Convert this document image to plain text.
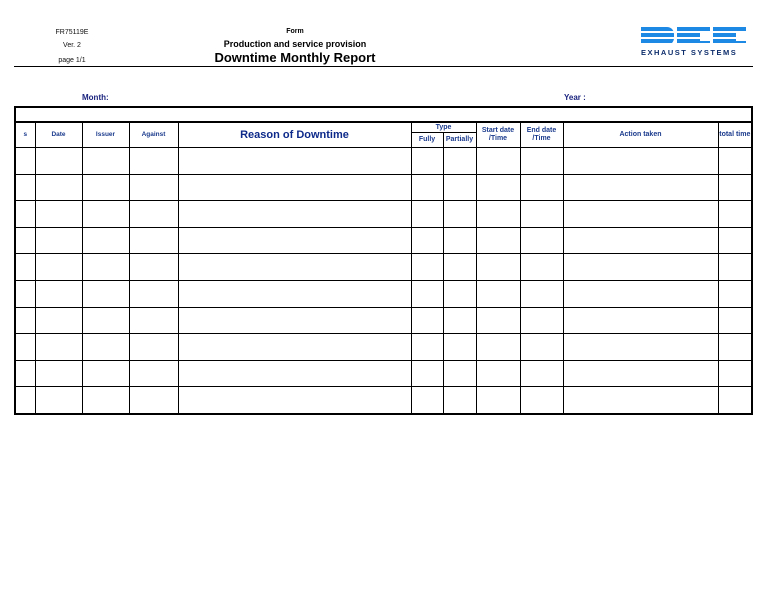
FR75119E
Ver. 2
page 1/1
Form
Production and service provision
Downtime Monthly Report	EXHAUST SYSTEMS
Month:	Year :

s	Date	Issuer	Against	Reason of Downtime	Type		Start date /Time	End date /Time	Action taken	total time
					Fully	Partially				
